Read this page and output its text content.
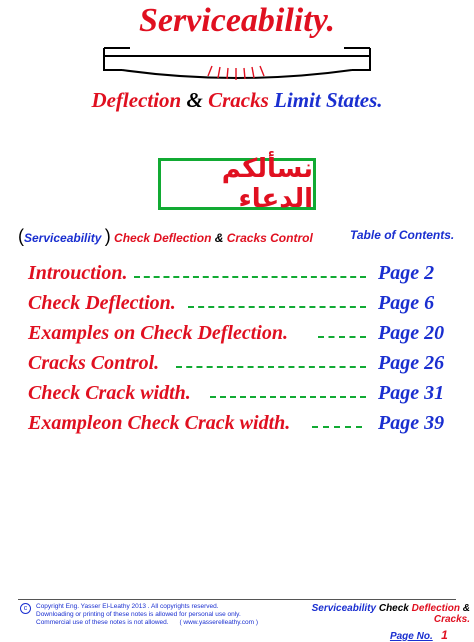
Serviceability.
Deflection & Cracks Limit States.
نسألكم الدعاء
(Serviceability ) Check Deflection & Cracks Control	Table of Contents.
Introuction.	Page 2
Check Deflection.	Page 6
Examples on Check Deflection.	Page 20
Cracks Control.	Page 26
Check Crack width.	Page 31
Exampleon Check Crack width.	Page 39
c	Copyright Eng. Yasser El-Leathy 2013 . All copyrights reserved.
Downloading or printing of these notes is allowed for personal use only.
Commercial use of these notes is not allowed. ( www.yasserelleathy.com )
Serviceability Check Deflection & Cracks.
Page No. 1
